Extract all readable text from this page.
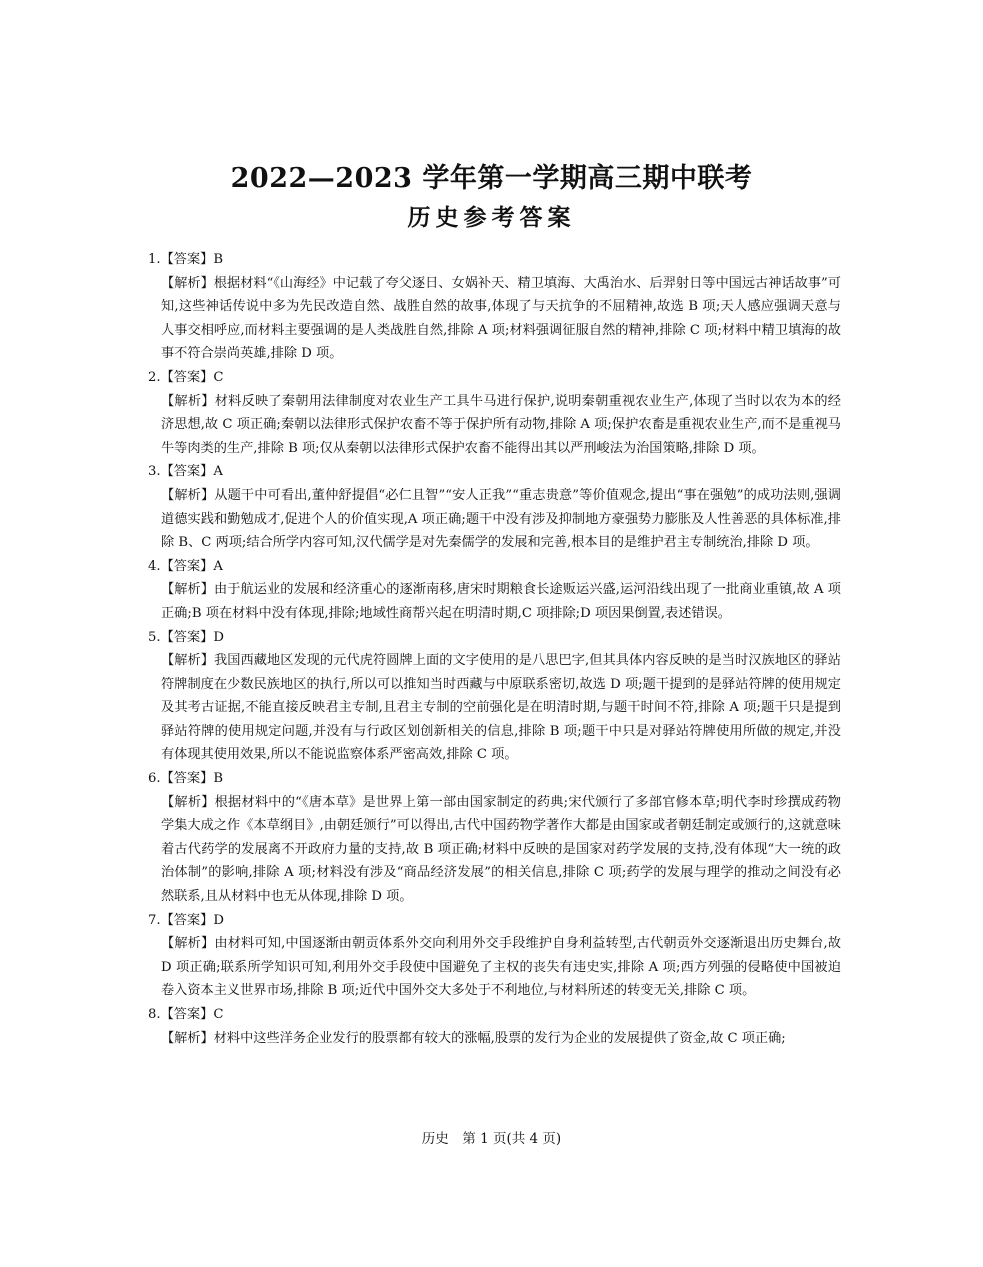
2022—2023 学年第一学期高三期中联考
历史参考答案

1.【答案】B

【解析】根据材料“《山海经》中记载了夸父逐日、女娲补天、精卫填海、大禹治水、后羿射日等中国远古神话故事”可知,这些神话传说中多为先民改造自然、战胜自然的故事,体现了与天抗争的不屈精神,故选 B 项;天人感应强调天意与人事交相呼应,而材料主要强调的是人类战胜自然,排除 A 项;材料强调征服自然的精神,排除 C 项;材料中精卫填海的故事不符合崇尚英雄,排除 D 项。

2.【答案】C

【解析】材料反映了秦朝用法律制度对农业生产工具牛马进行保护,说明秦朝重视农业生产,体现了当时以农为本的经济思想,故 C 项正确;秦朝以法律形式保护农畜不等于保护所有动物,排除 A 项;保护农畜是重视农业生产,而不是重视马牛等肉类的生产,排除 B 项;仅从秦朝以法律形式保护农畜不能得出其以严刑峻法为治国策略,排除 D 项。

3.【答案】A

【解析】从题干中可看出,董仲舒提倡“必仁且智”“安人正我”“重志贵意”等价值观念,提出“事在强勉”的成功法则,强调道德实践和勤勉成才,促进个人的价值实现,A 项正确;题干中没有涉及抑制地方豪强势力膨胀及人性善恶的具体标准,排除 B、C 两项;结合所学内容可知,汉代儒学是对先秦儒学的发展和完善,根本目的是维护君主专制统治,排除 D 项。

4.【答案】A

【解析】由于航运业的发展和经济重心的逐渐南移,唐宋时期粮食长途贩运兴盛,运河沿线出现了一批商业重镇,故 A 项正确;B 项在材料中没有体现,排除;地域性商帮兴起在明清时期,C 项排除;D 项因果倒置,表述错误。

5.【答案】D

【解析】我国西藏地区发现的元代虎符圆牌上面的文字使用的是八思巴字,但其具体内容反映的是当时汉族地区的驿站符牌制度在少数民族地区的执行,所以可以推知当时西藏与中原联系密切,故选 D 项;题干提到的是驿站符牌的使用规定及其考古证据,不能直接反映君主专制,且君主专制的空前强化是在明清时期,与题干时间不符,排除 A 项;题干只是提到驿站符牌的使用规定问题,并没有与行政区划创新相关的信息,排除 B 项;题干中只是对驿站符牌使用所做的规定,并没有体现其使用效果,所以不能说监察体系严密高效,排除 C 项。

6.【答案】B

【解析】根据材料中的“《唐本草》是世界上第一部由国家制定的药典;宋代颁行了多部官修本草;明代李时珍撰成药物学集大成之作《本草纲目》,由朝廷颁行”可以得出,古代中国药物学著作大都是由国家或者朝廷制定或颁行的,这就意味着古代药学的发展离不开政府力量的支持,故 B 项正确;材料中反映的是国家对药学发展的支持,没有体现“大一统的政治体制”的影响,排除 A 项;材料没有涉及“商品经济发展”的相关信息,排除 C 项;药学的发展与理学的推动之间没有必然联系,且从材料中也无从体现,排除 D 项。

7.【答案】D

【解析】由材料可知,中国逐渐由朝贡体系外交向利用外交手段维护自身利益转型,古代朝贡外交逐渐退出历史舞台,故 D 项正确;联系所学知识可知,利用外交手段使中国避免了主权的丧失有违史实,排除 A 项;西方列强的侵略使中国被迫卷入资本主义世界市场,排除 B 项;近代中国外交大多处于不利地位,与材料所述的转变无关,排除 C 项。

8.【答案】C

【解析】材料中这些洋务企业发行的股票都有较大的涨幅,股票的发行为企业的发展提供了资金,故 C 项正确;

历史　第 1 页(共 4 页)
